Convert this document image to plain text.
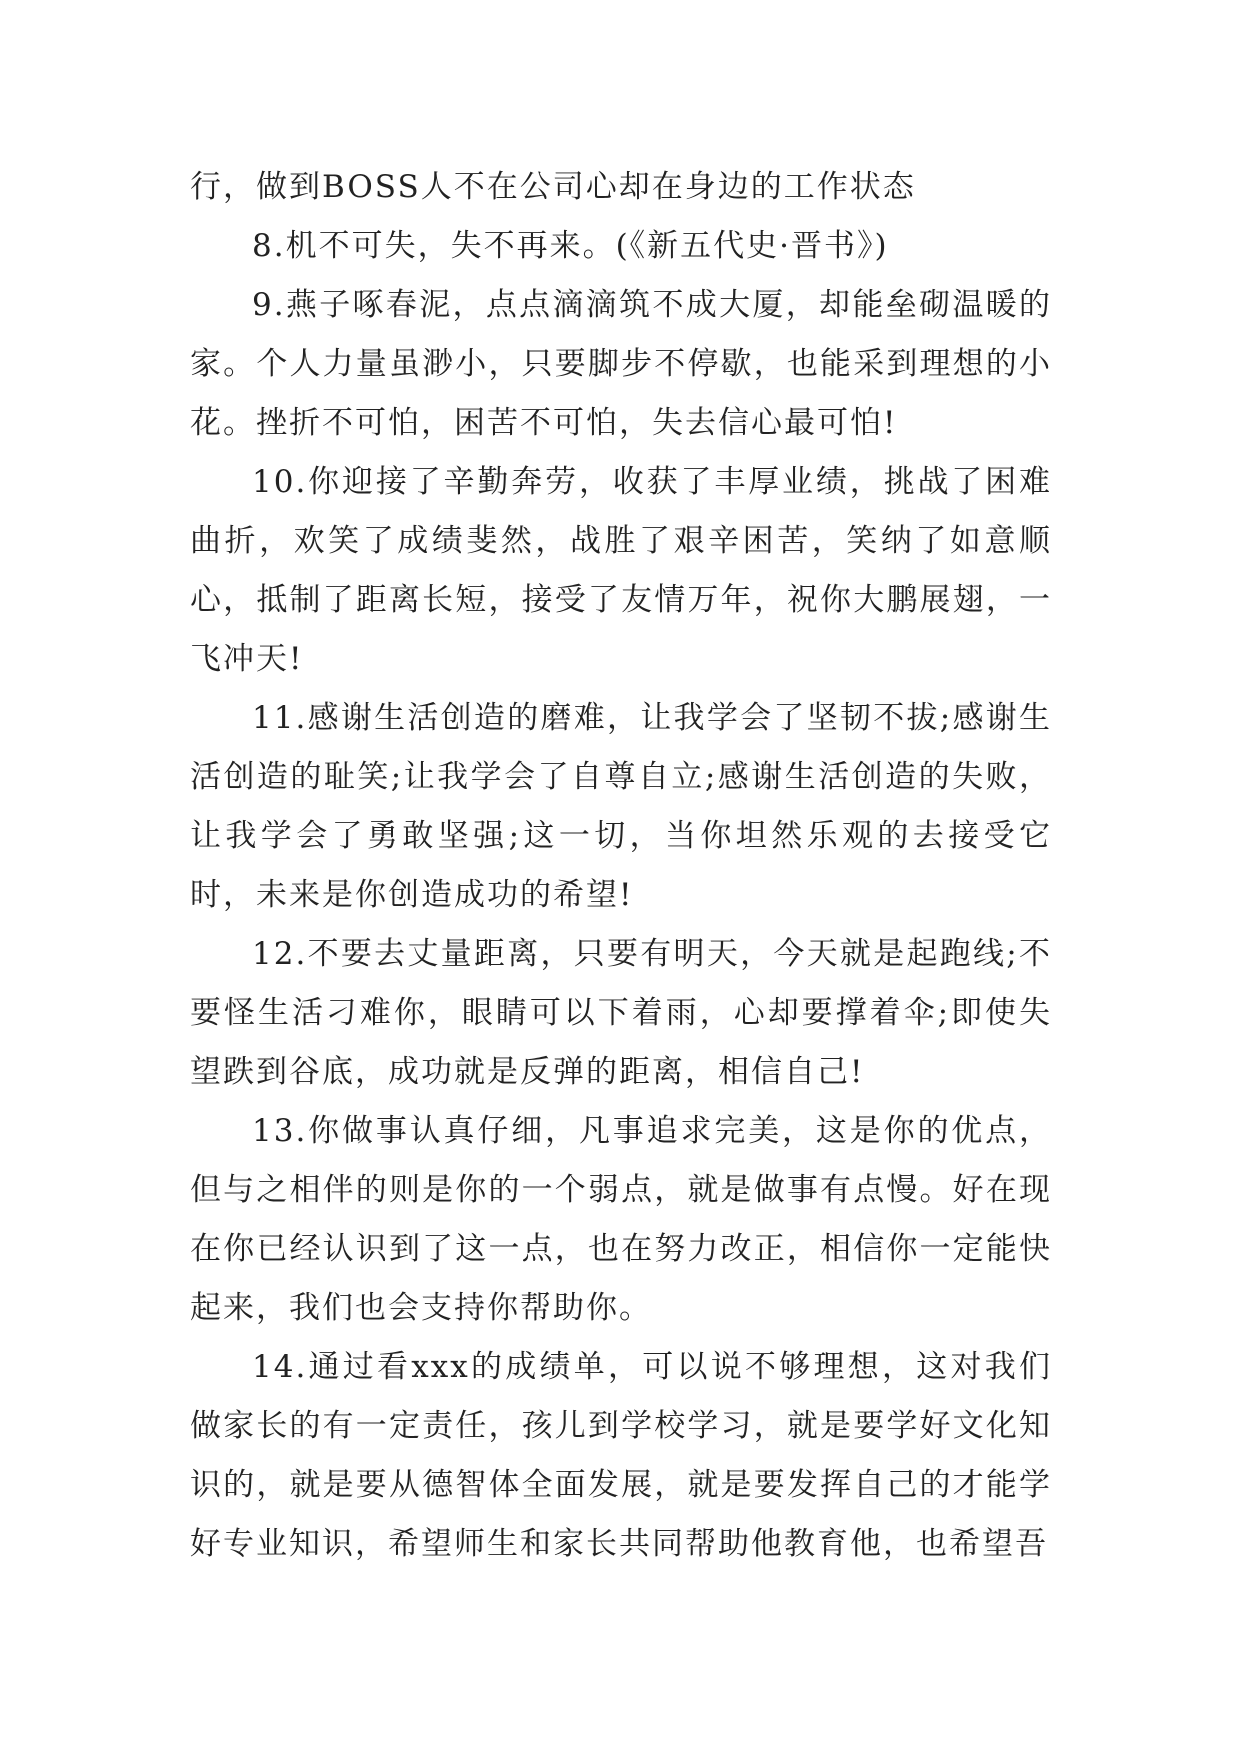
行，做到BOSS人不在公司心却在身边的工作状态

8.机不可失，失不再来。(《新五代史·晋书》)

9.燕子啄春泥，点点滴滴筑不成大厦，却能垒砌温暖的家。个人力量虽渺小，只要脚步不停歇，也能采到理想的小花。挫折不可怕，困苦不可怕，失去信心最可怕!

10.你迎接了辛勤奔劳，收获了丰厚业绩，挑战了困难曲折，欢笑了成绩斐然，战胜了艰辛困苦，笑纳了如意顺心，抵制了距离长短，接受了友情万年，祝你大鹏展翅，一飞冲天!

11.感谢生活创造的磨难，让我学会了坚韧不拔;感谢生活创造的耻笑;让我学会了自尊自立;感谢生活创造的失败，让我学会了勇敢坚强;这一切，当你坦然乐观的去接受它时，未来是你创造成功的希望!

12.不要去丈量距离，只要有明天，今天就是起跑线;不要怪生活刁难你，眼睛可以下着雨，心却要撑着伞;即使失望跌到谷底，成功就是反弹的距离，相信自己!

13.你做事认真仔细，凡事追求完美，这是你的优点，但与之相伴的则是你的一个弱点，就是做事有点慢。好在现在你已经认识到了这一点，也在努力改正，相信你一定能快起来，我们也会支持你帮助你。

14.通过看xxx的成绩单，可以说不够理想，这对我们做家长的有一定责任，孩儿到学校学习，就是要学好文化知识的，就是要从德智体全面发展，就是要发挥自己的才能学好专业知识，希望师生和家长共同帮助他教育他，也希望吾
